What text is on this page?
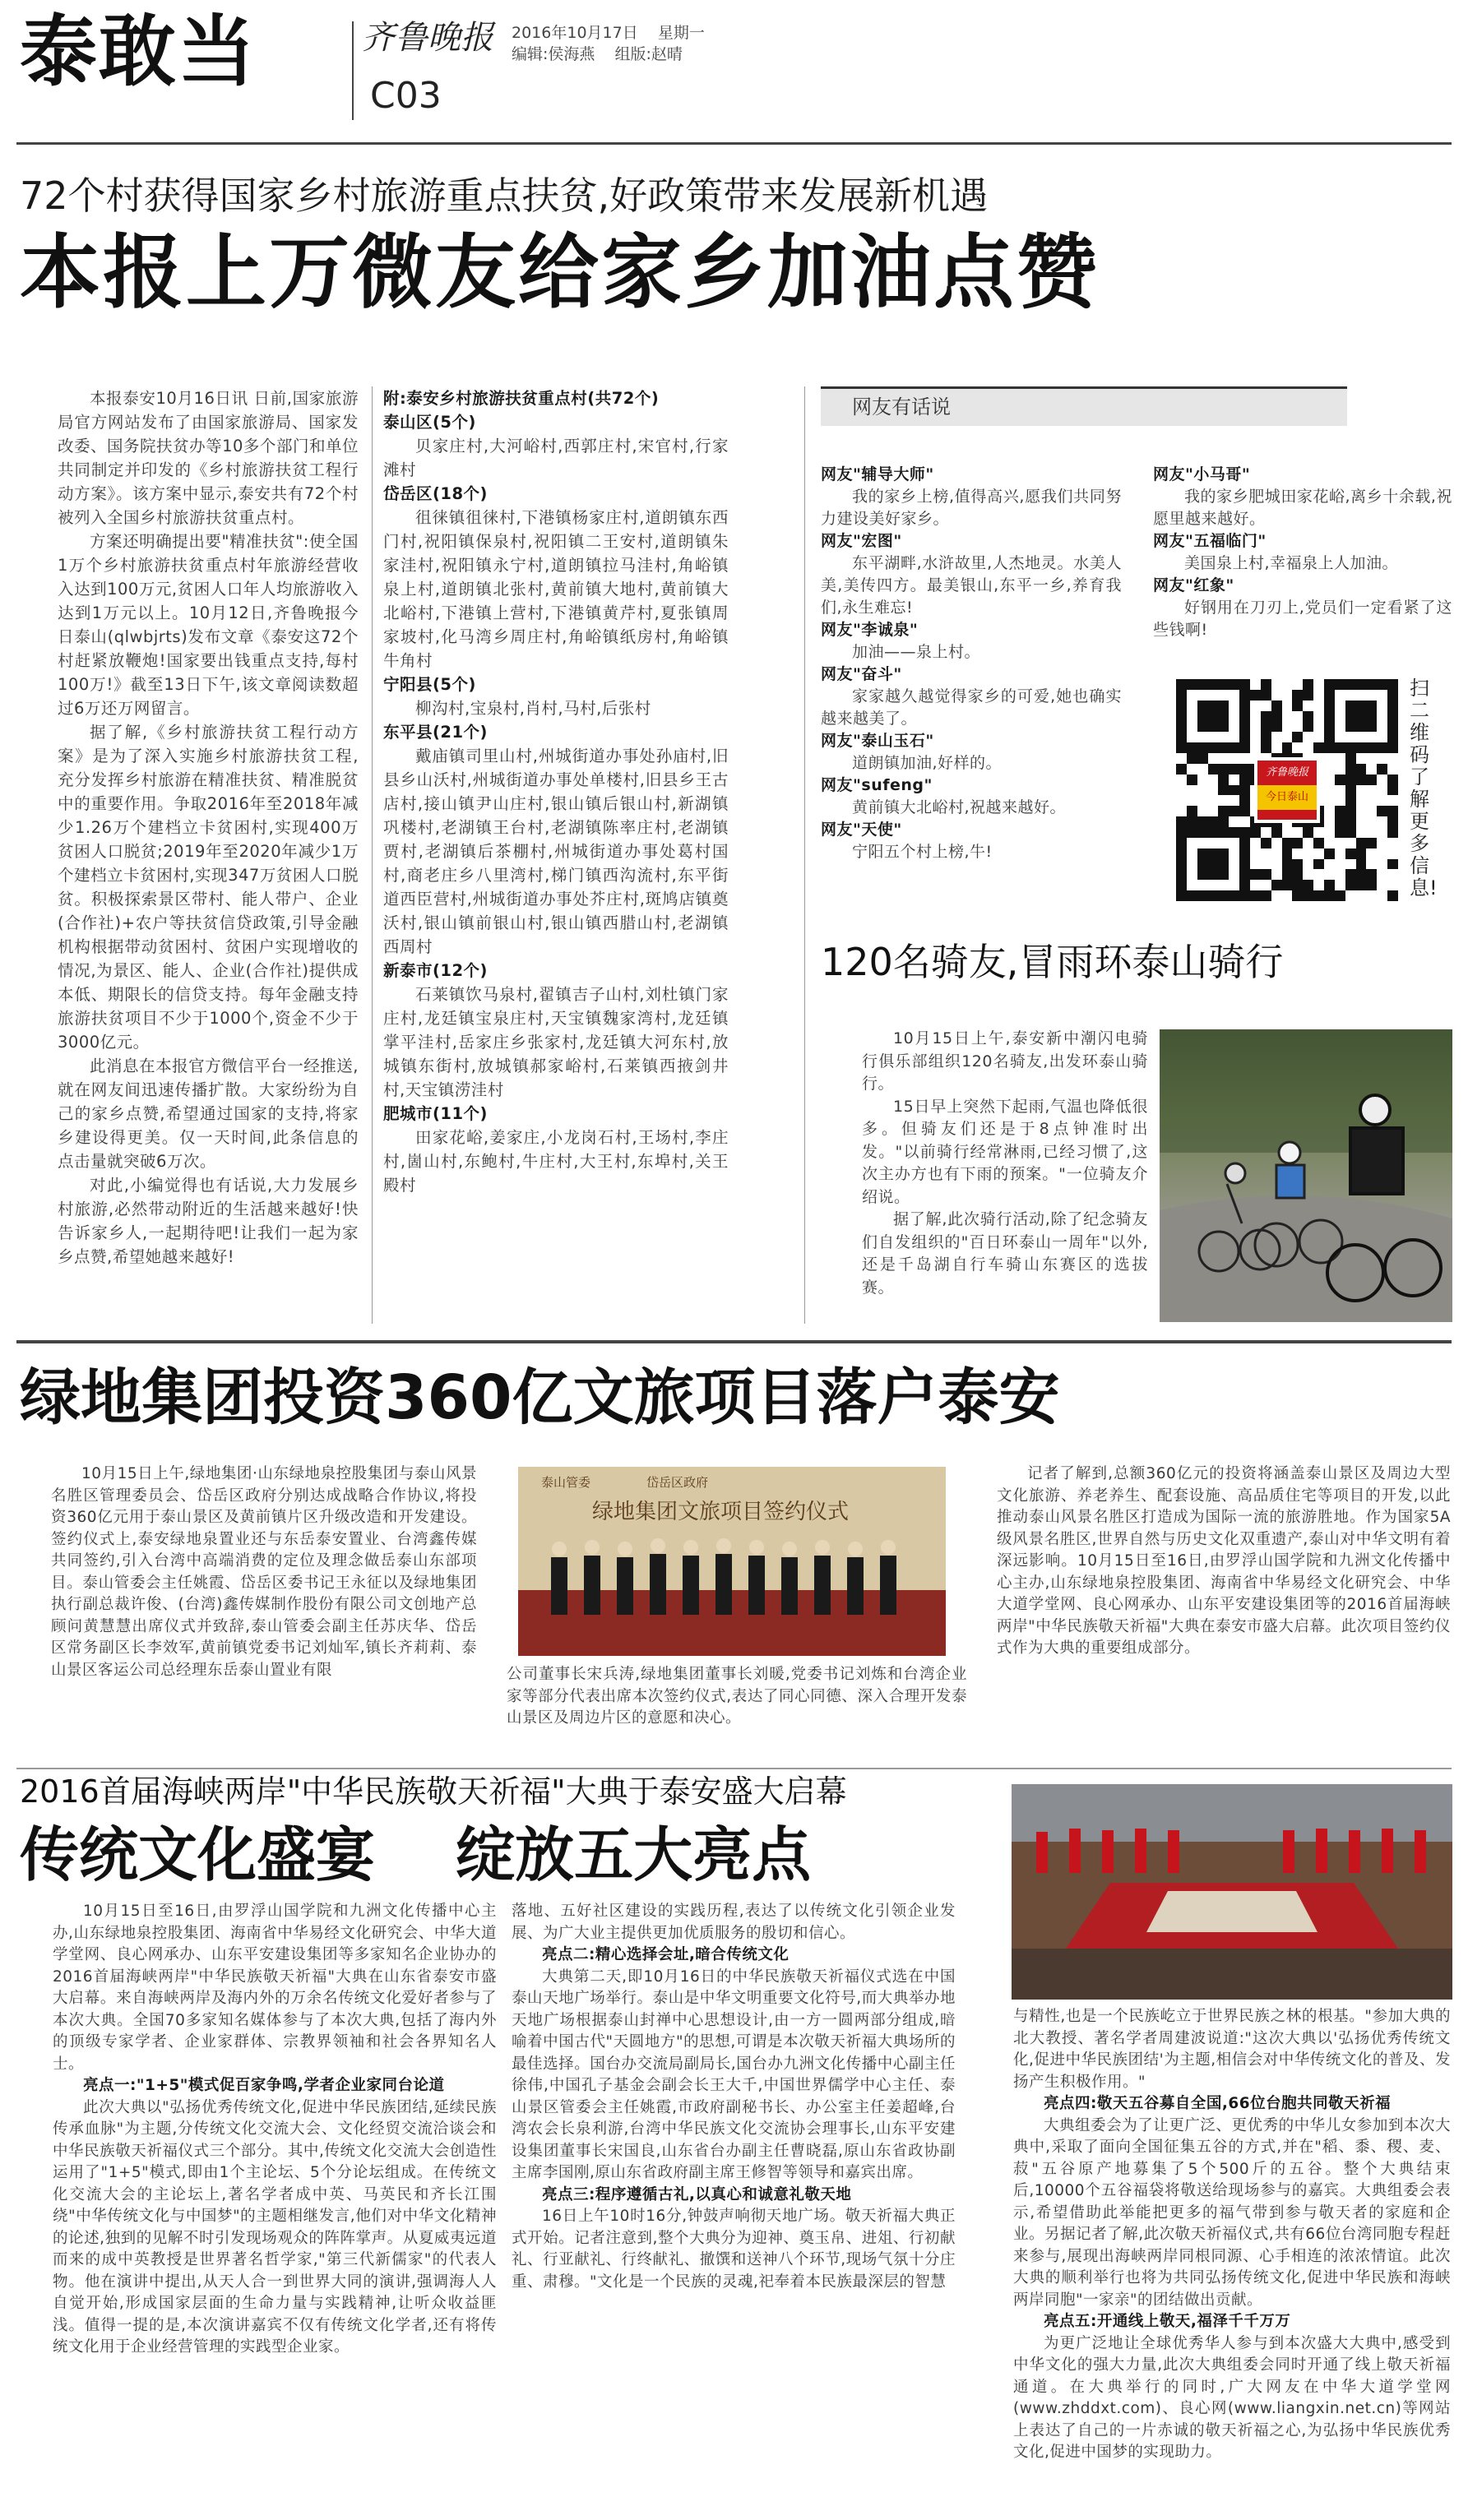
泰敢当	齐鲁晚报 2016年10月17日 星期一
编辑:侯海燕 组版:赵晴
C03
72个村获得国家乡村旅游重点扶贫,好政策带来发展新机遇
本报上万微友给家乡加油点赞

本报泰安10月16日讯 日前,国家旅游局官方网站发布了由国家旅游局、国家发改委、国务院扶贫办等10多个部门和单位共同制定并印发的《乡村旅游扶贫工程行动方案》。该方案中显示,泰安共有72个村被列入全国乡村旅游扶贫重点村。

方案还明确提出要"精准扶贫":使全国1万个乡村旅游扶贫重点村年旅游经营收入达到100万元,贫困人口年人均旅游收入达到1万元以上。10月12日,齐鲁晚报今日泰山(qlwbjrts)发布文章《泰安这72个村赶紧放鞭炮!国家要出钱重点支持,每村100万!》截至13日下午,该文章阅读数超过6万还万网留言。

据了解,《乡村旅游扶贫工程行动方案》是为了深入实施乡村旅游扶贫工程,充分发挥乡村旅游在精准扶贫、精准脱贫中的重要作用。争取2016年至2018年减少1.26万个建档立卡贫困村,实现400万贫困人口脱贫;2019年至2020年减少1万个建档立卡贫困村,实现347万贫困人口脱贫。积极探索景区带村、能人带户、企业(合作社)+农户等扶贫信贷政策,引导金融机构根据带动贫困村、贫困户实现增收的情况,为景区、能人、企业(合作社)提供成本低、期限长的信贷支持。每年金融支持旅游扶贫项目不少于1000个,资金不少于3000亿元。

此消息在本报官方微信平台一经推送,就在网友间迅速传播扩散。大家纷纷为自己的家乡点赞,希望通过国家的支持,将家乡建设得更美。仅一天时间,此条信息的点击量就突破6万次。

对此,小编觉得也有话说,大力发展乡村旅游,必然带动附近的生活越来越好!快告诉家乡人,一起期待吧!让我们一起为家乡点赞,希望她越来越好!

附:泰安乡村旅游扶贫重点村(共72个)

泰山区(5个)

贝家庄村,大河峪村,西郭庄村,宋官村,行家滩村

岱岳区(18个)

徂徕镇徂徕村,下港镇杨家庄村,道朗镇东西门村,祝阳镇保泉村,祝阳镇二王安村,道朗镇朱家洼村,祝阳镇永宁村,道朗镇拉马洼村,角峪镇泉上村,道朗镇北张村,黄前镇大地村,黄前镇大北峪村,下港镇上营村,下港镇黄芹村,夏张镇周家坡村,化马湾乡周庄村,角峪镇纸房村,角峪镇牛角村

宁阳县(5个)

柳沟村,宝泉村,肖村,马村,后张村

东平县(21个)

戴庙镇司里山村,州城街道办事处孙庙村,旧县乡山沃村,州城街道办事处单楼村,旧县乡王古店村,接山镇尹山庄村,银山镇后银山村,新湖镇巩楼村,老湖镇王台村,老湖镇陈率庄村,老湖镇贾村,老湖镇后茶棚村,州城街道办事处葛村国村,商老庄乡八里湾村,梯门镇西沟流村,东平街道西臣营村,州城街道办事处芥庄村,斑鸠店镇奠沃村,银山镇前银山村,银山镇西腊山村,老湖镇西周村

新泰市(12个)

石莱镇饮马泉村,翟镇吉子山村,刘杜镇门家庄村,龙廷镇宝泉庄村,天宝镇魏家湾村,龙廷镇掌平洼村,岳家庄乡张家村,龙廷镇大河东村,放城镇东街村,放城镇郝家峪村,石莱镇西掖剑井村,天宝镇涝洼村

肥城市(11个)

田家花峪,姜家庄,小龙岗石村,王场村,李庄村,崮山村,东鲍村,牛庄村,大王村,东埠村,关王殿村

网友有话说

网友"辅导大师"

我的家乡上榜,值得高兴,愿我们共同努力建设美好家乡。

网友"宏图"

东平湖畔,水浒故里,人杰地灵。水美人美,美传四方。最美银山,东平一乡,养育我们,永生难忘!

网友"李诚泉"

加油——泉上村。

网友"奋斗"

家家越久越觉得家乡的可爱,她也确实越来越美了。

网友"泰山玉石"

道朗镇加油,好样的。

网友"sufeng"

黄前镇大北峪村,祝越来越好。

网友"天使"

宁阳五个村上榜,牛!

网友"小马哥"

我的家乡肥城田家花峪,离乡十余载,祝愿里越来越好。

网友"五福临门"

美国泉上村,幸福泉上人加油。

网友"红象"

好钢用在刀刃上,党员们一定看紧了这些钱啊!

齐鲁晚报
今日泰山
扫二维码了解更多信息!
120名骑友,冒雨环泰山骑行

10月15日上午,泰安新中潮闪电骑行俱乐部组织120名骑友,出发环泰山骑行。

15日早上突然下起雨,气温也降低很多。但骑友们还是于8点钟准时出发。"以前骑行经常淋雨,已经习惯了,这次主办方也有下雨的预案。"一位骑友介绍说。

据了解,此次骑行活动,除了纪念骑友们自发组织的"百日环泰山一周年"以外,还是千岛湖自行车骑山东赛区的选拔赛。

绿地集团投资360亿文旅项目落户泰安

10月15日上午,绿地集团·山东绿地泉控股集团与泰山风景名胜区管理委员会、岱岳区政府分别达成战略合作协议,将投资360亿元用于泰山景区及黄前镇片区升级改造和开发建设。签约仪式上,泰安绿地泉置业还与东岳泰安置业、台湾鑫传媒共同签约,引入台湾中高端消费的定位及理念做岳泰山东部项目。泰山管委会主任姚霞、岱岳区委书记王永征以及绿地集团执行副总裁许俊、(台湾)鑫传媒制作股份有限公司文创地产总顾问黄慧慧出席仪式并致辞,泰山管委会副主任苏庆华、岱岳区常务副区长李效军,黄前镇党委书记刘灿军,镇长齐莉莉、泰山景区客运公司总经理东岳泰山置业有限

泰山管委	岱岳区政府
绿地集团文旅项目签约仪式
公司董事长宋兵涛,绿地集团董事长刘暖,党委书记刘炼和台湾企业家等部分代表出席本次签约仪式,表达了同心同德、深入合理开发泰山景区及周边片区的意愿和决心。

记者了解到,总额360亿元的投资将涵盖泰山景区及周边大型文化旅游、养老养生、配套设施、高品质住宅等项目的开发,以此推动泰山风景名胜区打造成为国际一流的旅游胜地。作为国家5A级风景名胜区,世界自然与历史文化双重遗产,泰山对中华文明有着深远影响。10月15日至16日,由罗浮山国学院和九洲文化传播中心主办,山东绿地泉控股集团、海南省中华易经文化研究会、中华大道学堂网、良心网承办、山东平安建设集团等的2016首届海峡两岸"中华民族敬天祈福"大典在泰安市盛大启幕。此次项目签约仪式作为大典的重要组成部分。

2016首届海峡两岸"中华民族敬天祈福"大典于泰安盛大启幕
传统文化盛宴 绽放五大亮点

10月15日至16日,由罗浮山国学院和九洲文化传播中心主办,山东绿地泉控股集团、海南省中华易经文化研究会、中华大道学堂网、良心网承办、山东平安建设集团等多家知名企业协办的2016首届海峡两岸"中华民族敬天祈福"大典在山东省泰安市盛大启幕。来自海峡两岸及海内外的万余名传统文化爱好者参与了本次大典。全国70多家知名媒体参与了本次大典,包括了海内外的顶级专家学者、企业家群体、宗教界领袖和社会各界知名人士。

亮点一:"1+5"模式促百家争鸣,学者企业家同台论道

此次大典以"弘扬优秀传统文化,促进中华民族团结,延续民族传承血脉"为主题,分传统文化交流大会、文化经贸交流洽谈会和中华民族敬天祈福仪式三个部分。其中,传统文化交流大会创造性运用了"1+5"模式,即由1个主论坛、5个分论坛组成。在传统文化交流大会的主论坛上,著名学者成中英、马英民和齐长江围绕"中华传统文化与中国梦"的主题相继发言,他们对中华文化精神的论述,独到的见解不时引发现场观众的阵阵掌声。从夏威夷远道而来的成中英教授是世界著名哲学家,"第三代新儒家"的代表人物。他在演讲中提出,从天人合一到世界大同的演讲,强调海人人自觉开始,形成国家层面的生命力量与实践精神,让听众收益匪浅。值得一提的是,本次演讲嘉宾不仅有传统文化学者,还有将传统文化用于企业经营管理的实践型企业家。

落地、五好社区建设的实践历程,表达了以传统文化引领企业发展、为广大业主提供更加优质服务的殷切和信心。

亮点二:精心选择会址,暗合传统文化

大典第二天,即10月16日的中华民族敬天祈福仪式选在中国泰山天地广场举行。泰山是中华文明重要文化符号,而大典举办地天地广场根据泰山封禅中心思想设计,由一方一圆两部分组成,暗喻着中国古代"天圆地方"的思想,可谓是本次敬天祈福大典场所的最佳选择。国台办交流局副局长,国台办九洲文化传播中心副主任徐伟,中国孔子基金会副会长王大千,中国世界儒学中心主任、泰山景区管委会主任姚霞,市政府副秘书长、办公室主任姜超峰,台湾农会长泉利游,台湾中华民族文化交流协会理事长,山东平安建设集团董事长宋国良,山东省台办副主任曹晓磊,原山东省政协副主席李国刚,原山东省政府副主席王修智等领导和嘉宾出席。

亮点三:程序遵循古礼,以真心和诚意礼敬天地

16日上午10时16分,钟鼓声响彻天地广场。敬天祈福大典正式开始。记者注意到,整个大典分为迎神、奠玉帛、进俎、行初献礼、行亚献礼、行终献礼、撤馔和送神八个环节,现场气氛十分庄重、肃穆。"文化是一个民族的灵魂,祀奉着本民族最深层的智慧

与精性,也是一个民族屹立于世界民族之林的根基。"参加大典的北大教授、著名学者周建波说道:"这次大典以'弘扬优秀传统文化,促进中华民族团结'为主题,相信会对中华传统文化的普及、发扬产生积极作用。"

亮点四:敬天五谷募自全国,66位台胞共同敬天祈福

大典组委会为了让更广泛、更优秀的中华儿女参加到本次大典中,采取了面向全国征集五谷的方式,并在"稻、黍、稷、麦、菽"五谷原产地募集了5个500斤的五谷。整个大典结束后,10000个五谷福袋将敬送给现场参与的嘉宾。大典组委会表示,希望借助此举能把更多的福气带到参与敬天者的家庭和企业。另据记者了解,此次敬天祈福仪式,共有66位台湾同胞专程赶来参与,展现出海峡两岸同根同源、心手相连的浓浓情谊。此次大典的顺利举行也将为共同弘扬传统文化,促进中华民族和海峡两岸同胞"一家亲"的团结做出贡献。

亮点五:开通线上敬天,福泽千千万万

为更广泛地让全球优秀华人参与到本次盛大大典中,感受到中华文化的强大力量,此次大典组委会同时开通了线上敬天祈福通道。在大典举行的同时,广大网友在中华大道学堂网(www.zhddxt.com)、良心网(www.liangxin.net.cn)等网站上表达了自己的一片赤诚的敬天祈福之心,为弘扬中华民族优秀文化,促进中国梦的实现助力。
